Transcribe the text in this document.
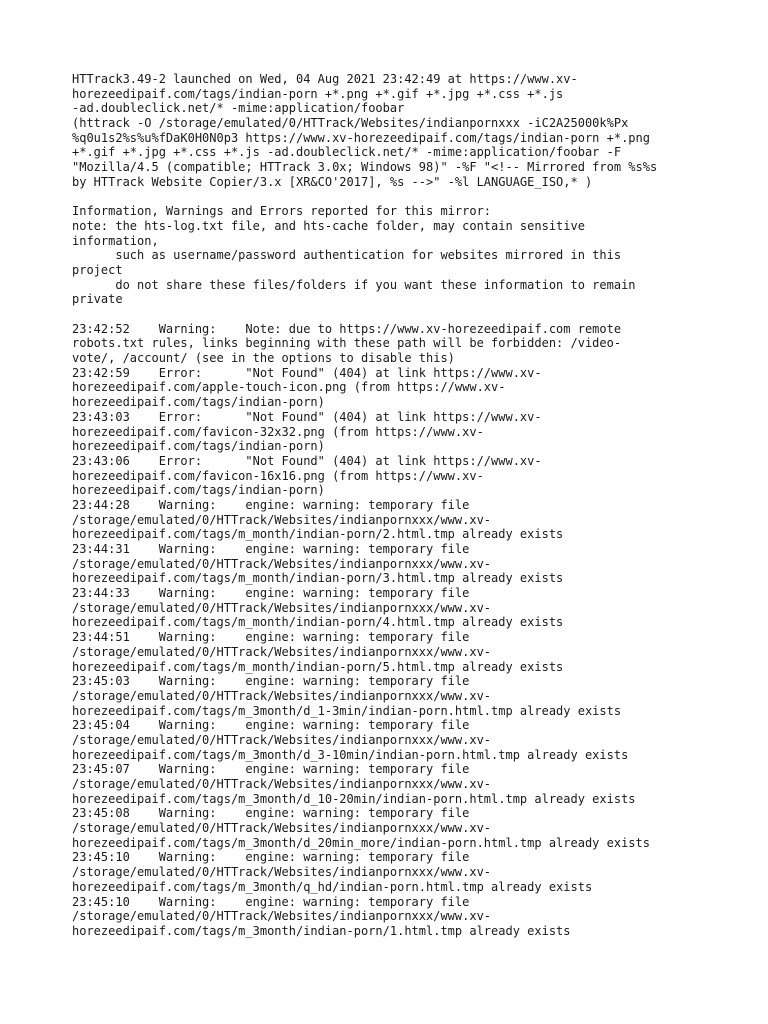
HTTrack3.49-2 launched on Wed, 04 Aug 2021 23:42:49 at https://www.xv-
horezeedipaif.com/tags/indian-porn +*.png +*.gif +*.jpg +*.css +*.js
-ad.doubleclick.net/* -mime:application/foobar
(httrack -O /storage/emulated/0/HTTrack/Websites/indianpornxxx -iC2A25000k%Px
%q0u1s2%s%u%fDaK0H0N0p3 https://www.xv-horezeedipaif.com/tags/indian-porn +*.png
+*.gif +*.jpg +*.css +*.js -ad.doubleclick.net/* -mime:application/foobar -F
"Mozilla/4.5 (compatible; HTTrack 3.0x; Windows 98)" -%F "<!-- Mirrored from %s%s
by HTTrack Website Copier/3.x [XR&CO'2017], %s -->" -%l LANGUAGE_ISO,* )
Information, Warnings and Errors reported for this mirror:
note: the hts-log.txt file, and hts-cache folder, may contain sensitive
information,
such as username/password authentication for websites mirrored in this
project
do not share these files/folders if you want these information to remain
private
23:42:52    Warning:    Note: due to https://www.xv-horezeedipaif.com remote
robots.txt rules, links beginning with these path will be forbidden: /video-
vote/, /account/ (see in the options to disable this)
23:42:59    Error:      "Not Found" (404) at link https://www.xv-
horezeedipaif.com/apple-touch-icon.png (from https://www.xv-
horezeedipaif.com/tags/indian-porn)
23:43:03    Error:      "Not Found" (404) at link https://www.xv-
horezeedipaif.com/favicon-32x32.png (from https://www.xv-
horezeedipaif.com/tags/indian-porn)
23:43:06    Error:      "Not Found" (404) at link https://www.xv-
horezeedipaif.com/favicon-16x16.png (from https://www.xv-
horezeedipaif.com/tags/indian-porn)
23:44:28    Warning:    engine: warning: temporary file
/storage/emulated/0/HTTrack/Websites/indianpornxxx/www.xv-
horezeedipaif.com/tags/m_month/indian-porn/2.html.tmp already exists
23:44:31    Warning:    engine: warning: temporary file
/storage/emulated/0/HTTrack/Websites/indianpornxxx/www.xv-
horezeedipaif.com/tags/m_month/indian-porn/3.html.tmp already exists
23:44:33    Warning:    engine: warning: temporary file
/storage/emulated/0/HTTrack/Websites/indianpornxxx/www.xv-
horezeedipaif.com/tags/m_month/indian-porn/4.html.tmp already exists
23:44:51    Warning:    engine: warning: temporary file
/storage/emulated/0/HTTrack/Websites/indianpornxxx/www.xv-
horezeedipaif.com/tags/m_month/indian-porn/5.html.tmp already exists
23:45:03    Warning:    engine: warning: temporary file
/storage/emulated/0/HTTrack/Websites/indianpornxxx/www.xv-
horezeedipaif.com/tags/m_3month/d_1-3min/indian-porn.html.tmp already exists
23:45:04    Warning:    engine: warning: temporary file
/storage/emulated/0/HTTrack/Websites/indianpornxxx/www.xv-
horezeedipaif.com/tags/m_3month/d_3-10min/indian-porn.html.tmp already exists
23:45:07    Warning:    engine: warning: temporary file
/storage/emulated/0/HTTrack/Websites/indianpornxxx/www.xv-
horezeedipaif.com/tags/m_3month/d_10-20min/indian-porn.html.tmp already exists
23:45:08    Warning:    engine: warning: temporary file
/storage/emulated/0/HTTrack/Websites/indianpornxxx/www.xv-
horezeedipaif.com/tags/m_3month/d_20min_more/indian-porn.html.tmp already exists
23:45:10    Warning:    engine: warning: temporary file
/storage/emulated/0/HTTrack/Websites/indianpornxxx/www.xv-
horezeedipaif.com/tags/m_3month/q_hd/indian-porn.html.tmp already exists
23:45:10    Warning:    engine: warning: temporary file
/storage/emulated/0/HTTrack/Websites/indianpornxxx/www.xv-
horezeedipaif.com/tags/m_3month/indian-porn/1.html.tmp already exists
